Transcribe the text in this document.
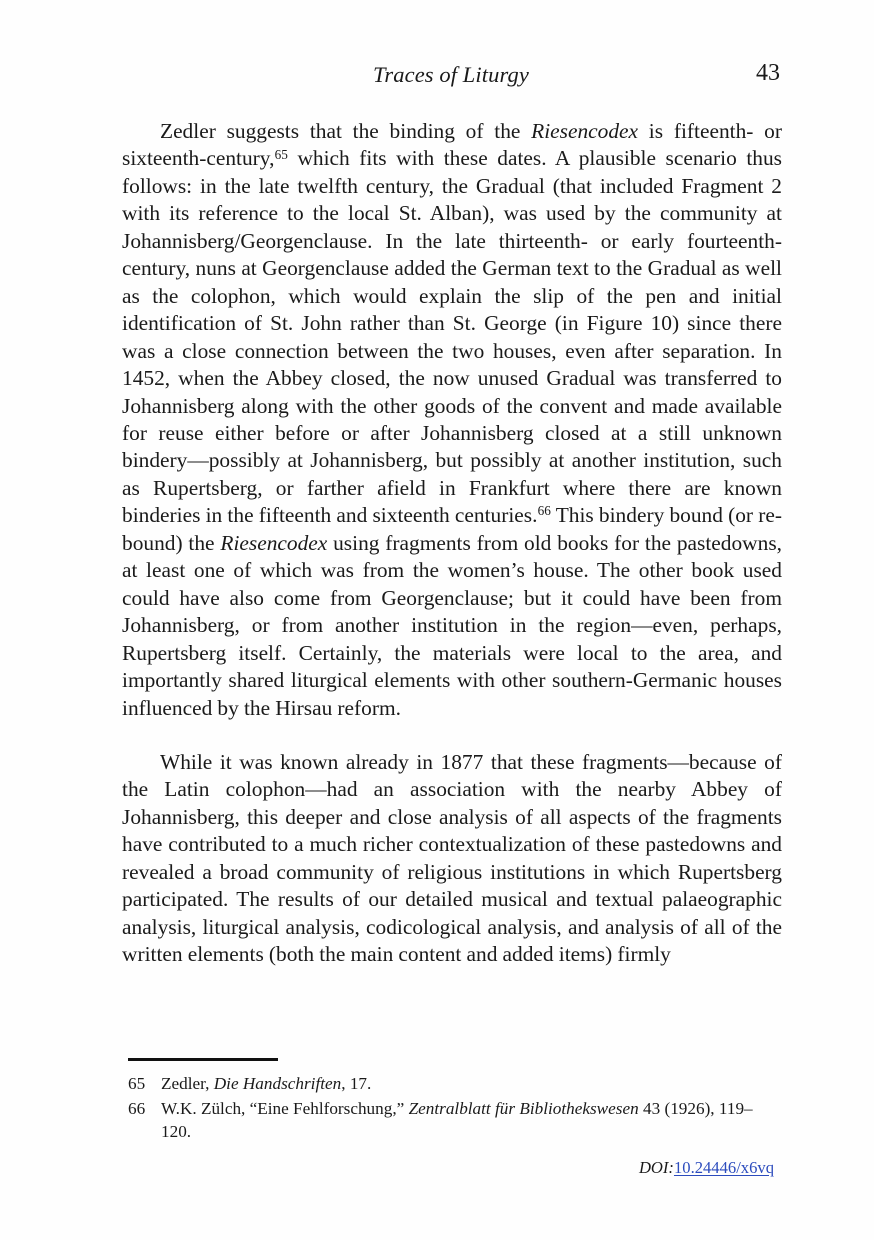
Traces of Liturgy	43

Zedler suggests that the binding of the Riesencodex is fifteenth- or sixteenth-century,$^{65}$ which fits with these dates. A plausible scenario thus follows: in the late twelfth century, the Gradual (that included Fragment 2 with its reference to the local St. Alban), was used by the community at Johannisberg/Georgenclause. In the late thirteenth- or early fourteenth-century, nuns at Georgenclause added the German text to the Gradual as well as the colophon, which would explain the slip of the pen and initial identification of St. John rather than St. George (in Figure 10) since there was a close connection between the two houses, even after separation. In 1452, when the Abbey closed, the now unused Gradual was transferred to Johannisberg along with the other goods of the convent and made available for reuse either before or after Johannisberg closed at a still unknown bindery—possibly at Johannisberg, but possibly at another institution, such as Rupertsberg, or farther afield in Frankfurt where there are known binderies in the fifteenth and sixteenth centuries.$^{66}$ This bindery bound (or re-bound) the Riesencodex using fragments from old books for the pastedowns, at least one of which was from the women’s house. The other book used could have also come from Georgenclause; but it could have been from Johannisberg, or from another institution in the region—even, perhaps, Rupertsberg itself. Certainly, the materials were local to the area, and importantly shared liturgical elements with other southern-Germanic houses influenced by the Hirsau reform.

While it was known already in 1877 that these fragments—because of the Latin colophon—had an association with the nearby Abbey of Johannisberg, this deeper and close analysis of all aspects of the fragments have contributed to a much richer contextualization of these pastedowns and revealed a broad community of religious institutions in which Rupertsberg participated. The results of our detailed musical and textual palaeographic analysis, liturgical analysis, codicological analysis, and analysis of all of the written elements (both the main content and added items) firmly

65 Zedler, Die Handschriften, 17.
66 W.K. Zülch, “Eine Fehlforschung,” Zentralblatt für Bibliothekswesen 43 (1926), 119–120.
DOI:10.24446/x6vq
